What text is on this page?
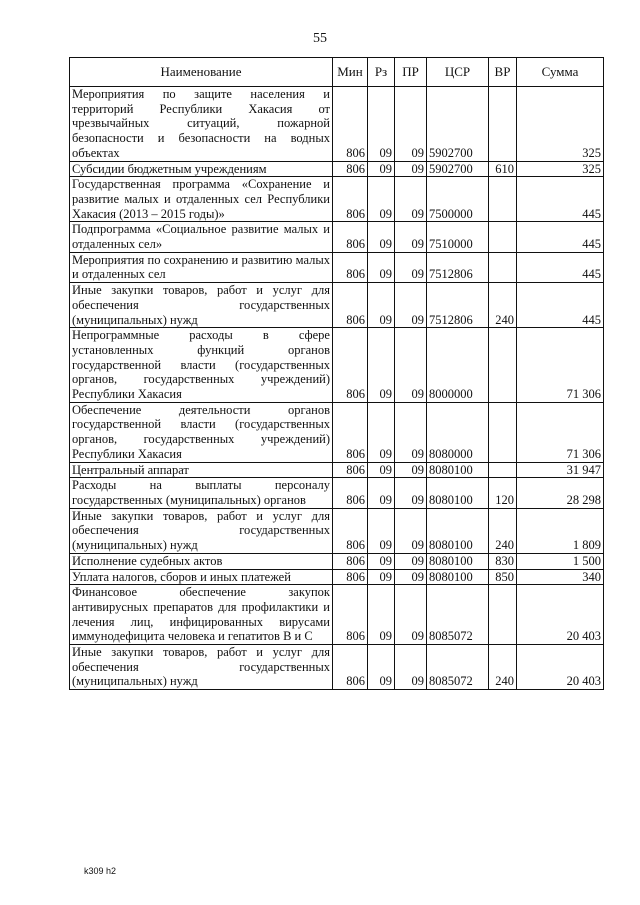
55
Наименование	Мин	Рз	ПР	ЦСР	ВР	Сумма
Мероприятия по защите населения и территорий Республики Хакасия от чрезвычайных ситуаций, пожарной безопасности и безопасности на водных объектах	806	09	09	5902700		325
Субсидии бюджетным учреждениям	806	09	09	5902700	610	325
Государственная программа «Сохранение и развитие малых и отдаленных сел Республики Хакасия (2013 – 2015 годы)»	806	09	09	7500000		445
Подпрограмма «Социальное развитие малых и отдаленных сел»	806	09	09	7510000		445
Мероприятия по сохранению и развитию малых и отдаленных сел	806	09	09	7512806		445
Иные закупки товаров, работ и услуг для обеспечения государственных (муниципальных) нужд	806	09	09	7512806	240	445
Непрограммные расходы в сфере установленных функций органов государственной власти (государственных органов, государственных учреждений) Республики Хакасия	806	09	09	8000000		71 306
Обеспечение деятельности органов государственной власти (государственных органов, государственных учреждений) Республики Хакасия	806	09	09	8080000		71 306
Центральный аппарат	806	09	09	8080100		31 947
Расходы на выплаты персоналу государственных (муниципальных) органов	806	09	09	8080100	120	28 298
Иные закупки товаров, работ и услуг для обеспечения государственных (муниципальных) нужд	806	09	09	8080100	240	1 809
Исполнение судебных актов	806	09	09	8080100	830	1 500
Уплата налогов, сборов и иных платежей	806	09	09	8080100	850	340
Финансовое обеспечение закупок антивирусных препаратов для профилактики и лечения лиц, инфицированных вирусами иммунодефицита человека и гепатитов В и С	806	09	09	8085072		20 403
Иные закупки товаров, работ и услуг для обеспечения государственных (муниципальных) нужд	806	09	09	8085072	240	20 403
k309 h2
